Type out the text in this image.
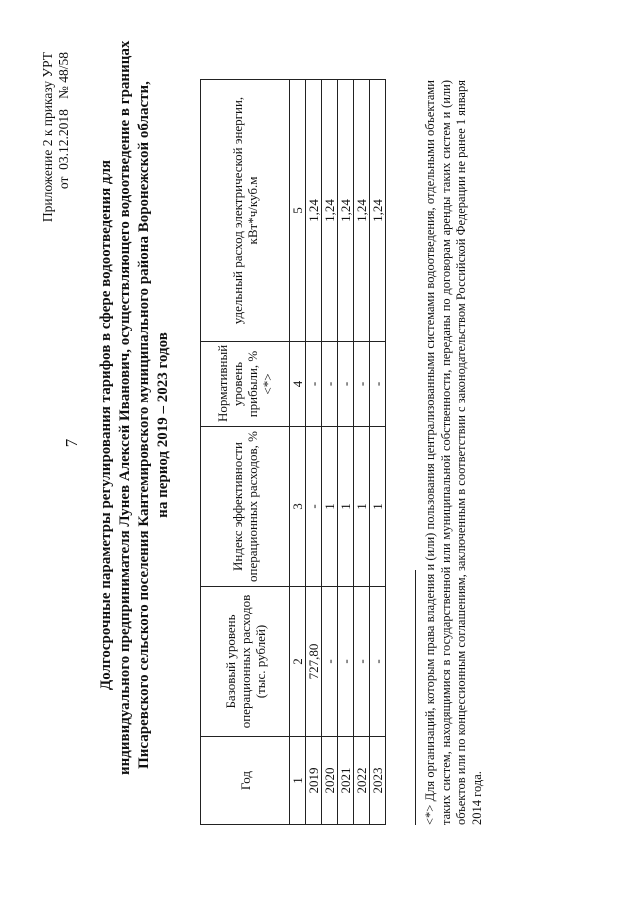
7
Приложение 2 к приказу УРТ от  03.12.2018   № 48/58
Долгосрочные параметры регулирования тарифов в сфере водоотведения для индивидуального предпринимателя Лунев Алексей Иванович, осуществляющего водоотведение в границах Писаревского сельского поселения Кантемировского муниципального района Воронежской области, на период 2019 – 2023 годов
Год	Базовый уровень операционных расходов (тыс. рублей)	Индекс эффективности операционных расходов, %	Нормативный уровень прибыли, % <*>	удельный расход электрической энергии, кВт*ч/куб.м
1	2	3	4	5
2019	727,80	-	-	1,24
2020	-	1	-	1,24
2021	-	1	-	1,24
2022	-	1	-	1,24
2023	-	1	-	1,24	<*> Для организаций, которым права владения и (или) пользования централизованными системами водоотведения, отдельными объектами таких систем, находящимися в государственной или муниципальной собственности, переданы по договорам аренды таких систем и (или) объектов или по концессионным соглашениям, заключенным в соответствии с законодательством Российской Федерации не ранее 1 января 2014 года.
